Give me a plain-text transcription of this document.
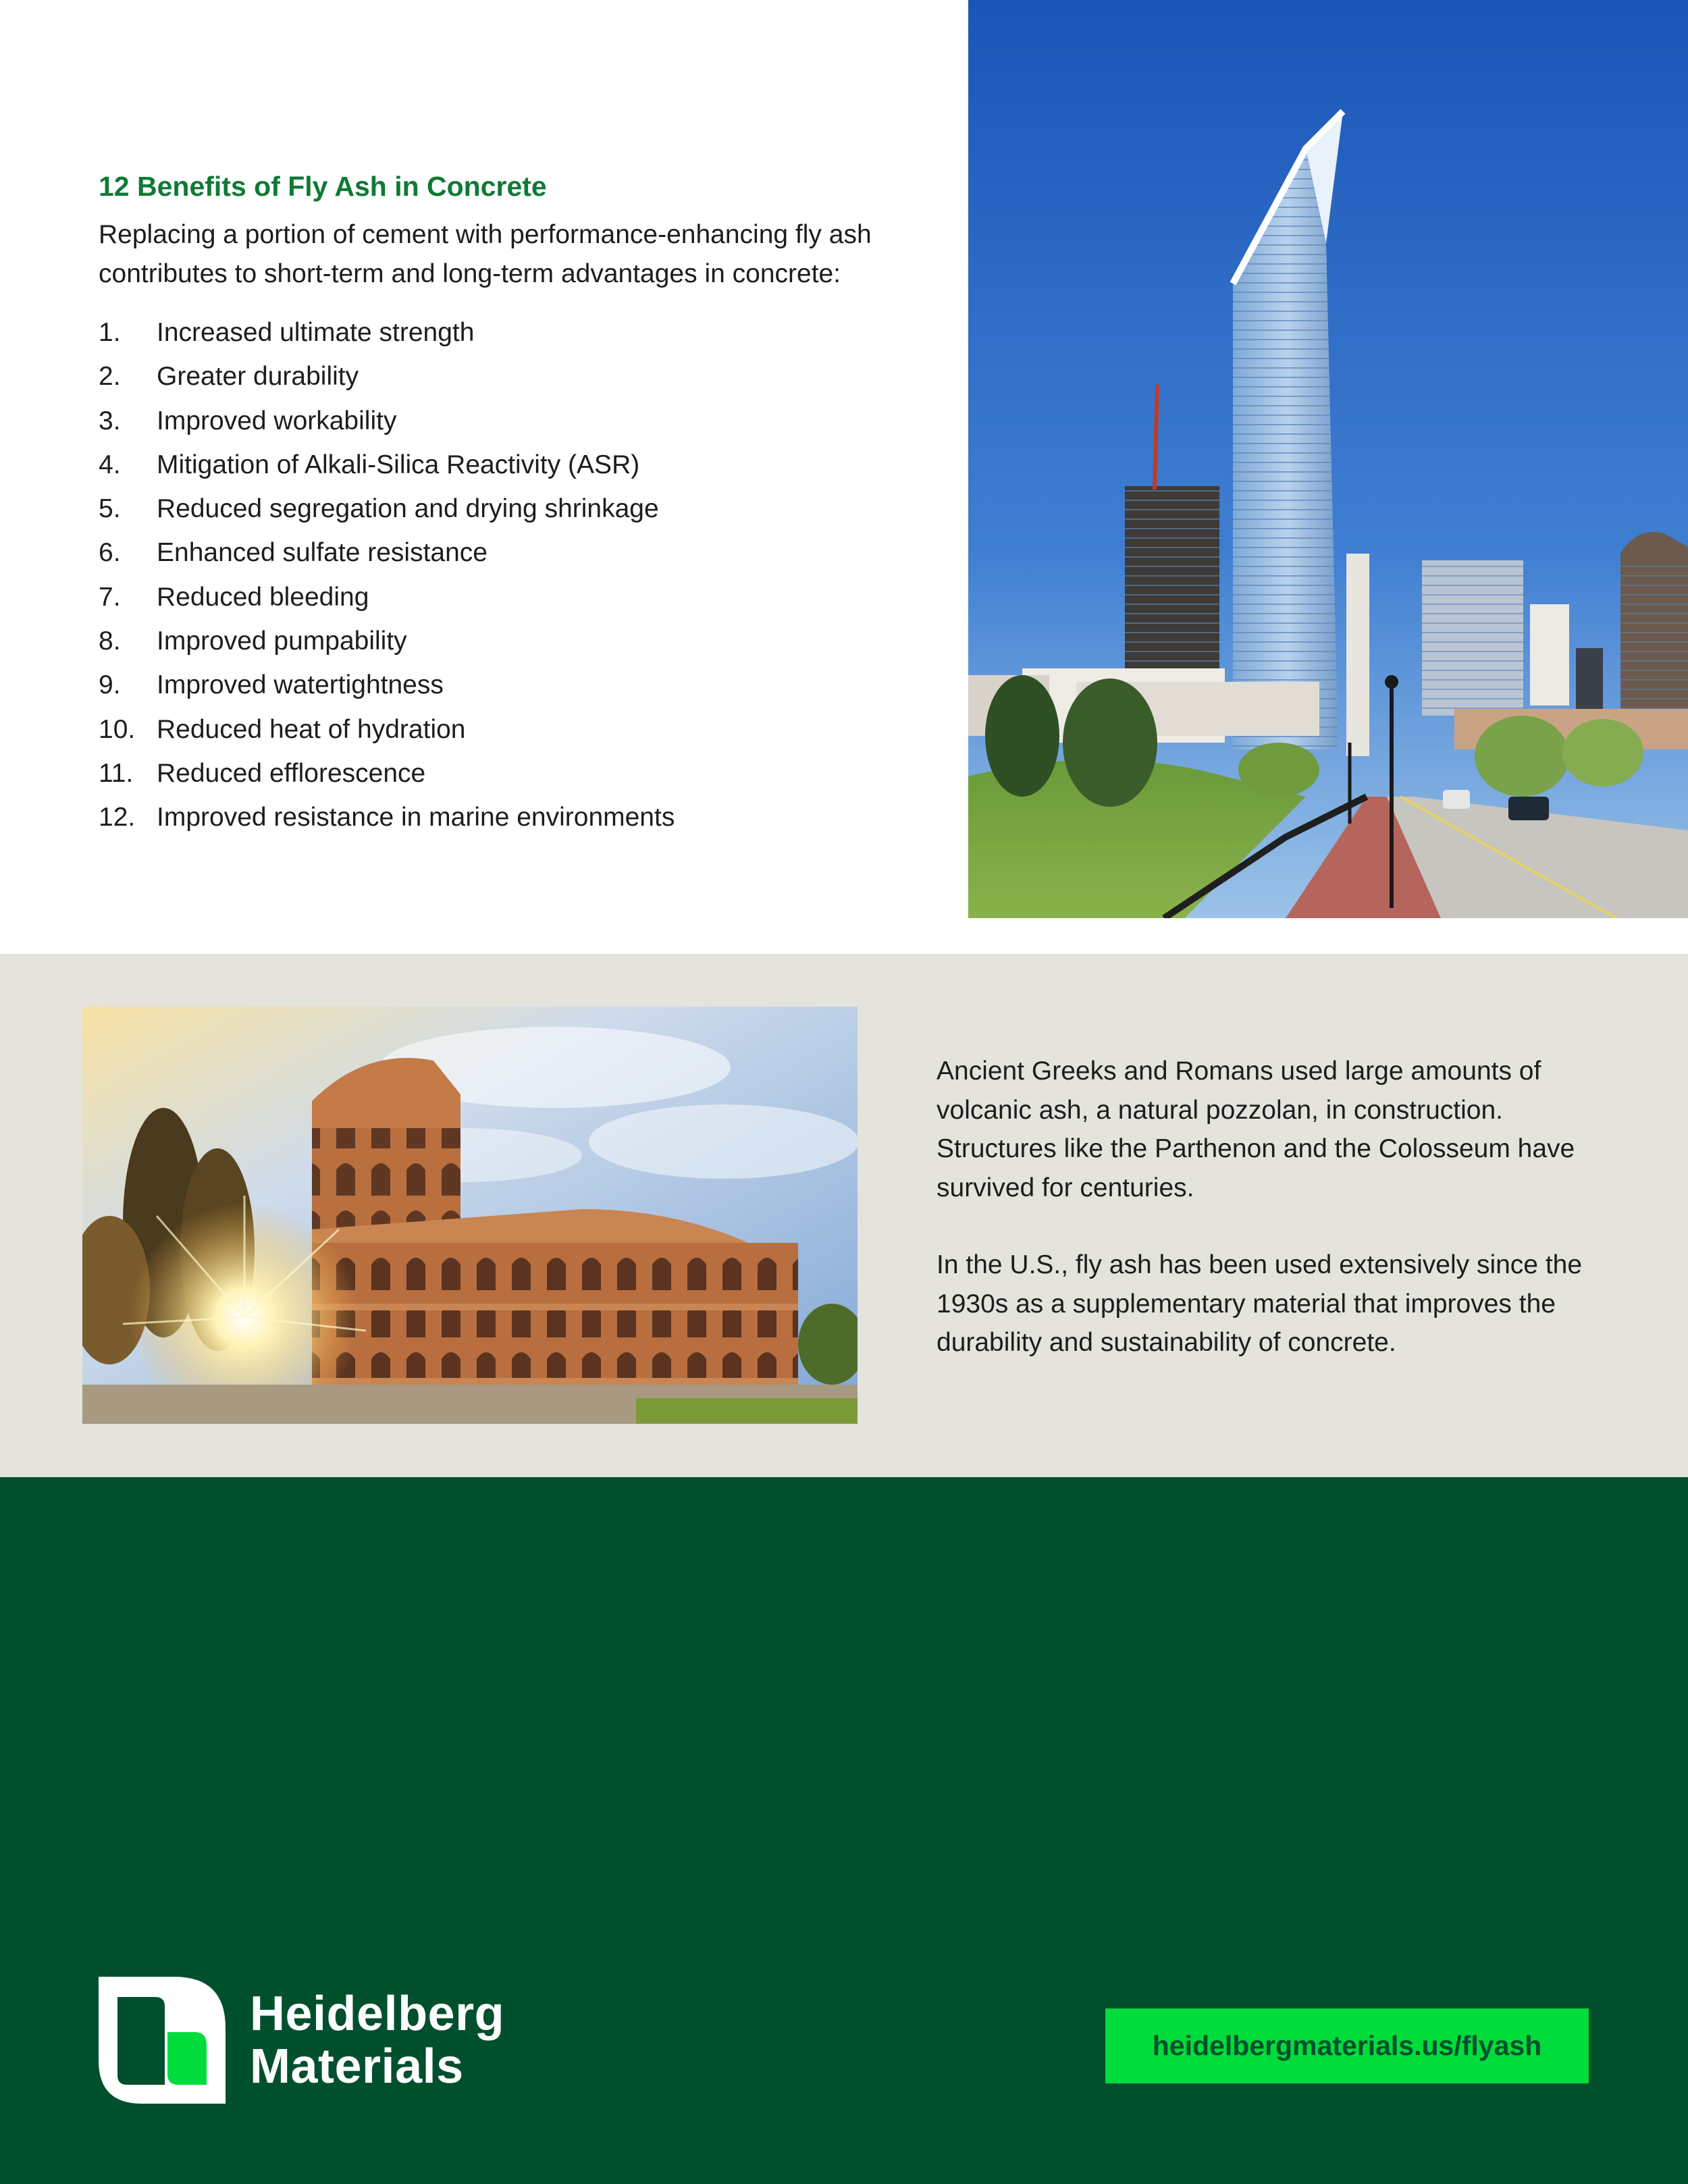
12 Benefits of Fly Ash in Concrete

Replacing a portion of cement with performance-enhancing fly ash contributes to short-term and long-term advantages in concrete:

1.	Increased ultimate strength
2.	Greater durability
3.	Improved workability
4.	Mitigation of Alkali-Silica Reactivity (ASR)
5.	Reduced segregation and drying shrinkage
6.	Enhanced sulfate resistance
7.	Reduced bleeding
8.	Improved pumpability
9.	Improved watertightness
10. Reduced heat of hydration
11. Reduced efflorescence
12. Improved resistance in marine environments

Ancient Greeks and Romans used large amounts of volcanic ash, a natural pozzolan, in construction. Structures like the Parthenon and the Colosseum have survived for centuries.

In the U.S., fly ash has been used extensively since the 1930s as a supplementary material that improves the durability and sustainability of concrete.

Heidelberg
Materials	heidelbergmaterials.us/flyash
